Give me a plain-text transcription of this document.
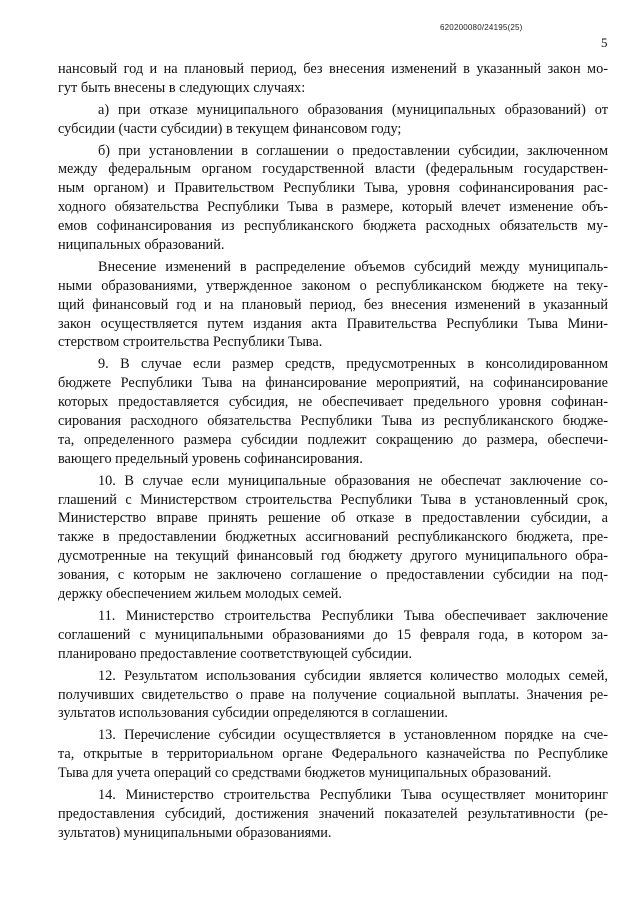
620200080/24195(25)
5
нансовый год и на плановый период, без внесения изменений в указанный закон мо-
гут быть внесены в следующих случаях:
а) при отказе муниципального образования (муниципальных образований) от
субсидии (части субсидии) в текущем финансовом году;
б) при установлении в соглашении о предоставлении субсидии, заключенном
между федеральным органом государственной власти (федеральным государствен-
ным органом) и Правительством Республики Тыва, уровня софинансирования рас-
ходного обязательства Республики Тыва в размере, который влечет изменение объ-
емов софинансирования из республиканского бюджета расходных обязательств му-
ниципальных образований.
Внесение изменений в распределение объемов субсидий между муниципаль-
ными образованиями, утвержденное законом о республиканском бюджете на теку-
щий финансовый год и на плановый период, без внесения изменений в указанный
закон осуществляется путем издания акта Правительства Республики Тыва Мини-
стерством строительства Республики Тыва.
9. В случае если размер средств, предусмотренных в консолидированном
бюджете Республики Тыва на финансирование мероприятий, на софинансирование
которых предоставляется субсидия, не обеспечивает предельного уровня софинан-
сирования расходного обязательства Республики Тыва из республиканского бюдже-
та, определенного размера субсидии подлежит сокращению до размера, обеспечи-
вающего предельный уровень софинансирования.
10. В случае если муниципальные образования не обеспечат заключение со-
глашений с Министерством строительства Республики Тыва в установленный срок,
Министерство вправе принять решение об отказе в предоставлении субсидии, а
также в предоставлении бюджетных ассигнований республиканского бюджета, пре-
дусмотренные на текущий финансовый год бюджету другого муниципального обра-
зования, с которым не заключено соглашение о предоставлении субсидии на под-
держку обеспечением жильем молодых семей.
11. Министерство строительства Республики Тыва обеспечивает заключение
соглашений с муниципальными образованиями до 15 февраля года, в котором за-
планировано предоставление соответствующей субсидии.
12. Результатом использования субсидии является количество молодых семей,
получивших свидетельство о праве на получение социальной выплаты. Значения ре-
зультатов использования субсидии определяются в соглашении.
13. Перечисление субсидии осуществляется в установленном порядке на сче-
та, открытые в территориальном органе Федерального казначейства по Республике
Тыва для учета операций со средствами бюджетов муниципальных образований.
14. Министерство строительства Республики Тыва осуществляет мониторинг
предоставления субсидий, достижения значений показателей результативности (ре-
зультатов) муниципальными образованиями.
